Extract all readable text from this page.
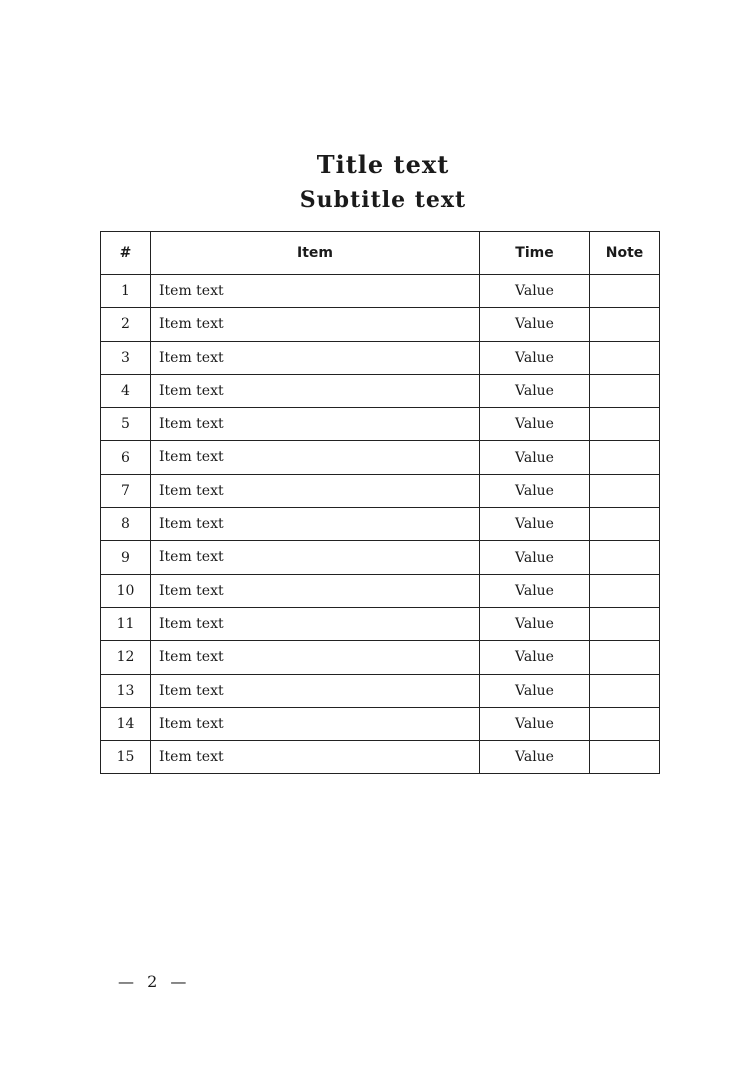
Title text
Subtitle text
#	Item	Time	Note
1	Item text	Value	
2	Item text	Value	
3	Item text	Value	
4	Item text	Value	
5	Item text	Value	
6	Item text	Value	
7	Item text	Value	
8	Item text	Value	
9	Item text	Value	
10	Item text	Value	
11	Item text	Value	
12	Item text	Value	
13	Item text	Value	
14	Item text	Value	
15	Item text	Value	
— 2 —
